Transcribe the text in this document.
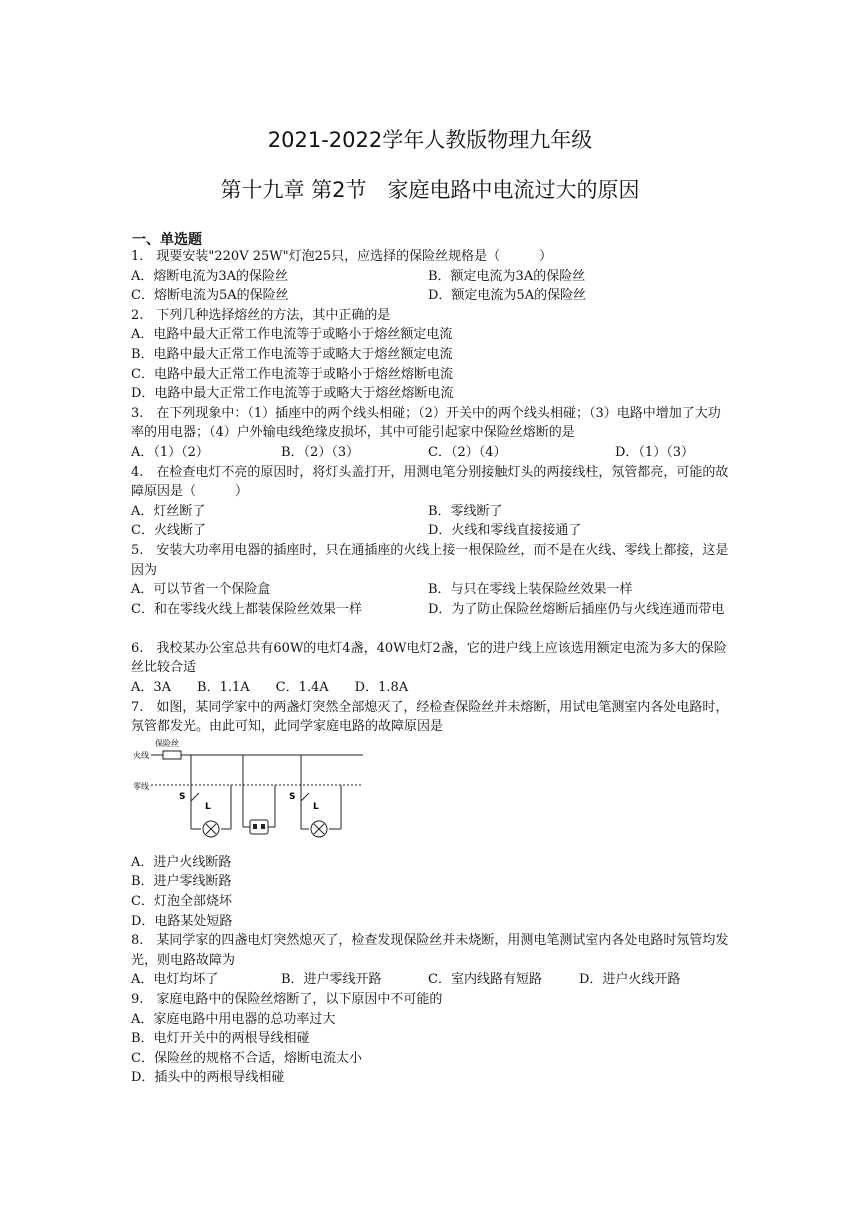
2021-2022学年人教版物理九年级
第十九章 第2节　家庭电路中电流过大的原因
一、单选题
1.　现要安装"220V 25W"灯泡25只，应选择的保险丝规格是（　　　）
A．熔断电流为3A的保险丝	B．额定电流为3A的保险丝
C．熔断电流为5A的保险丝	D．额定电流为5A的保险丝
2.　下列几种选择熔丝的方法，其中正确的是
A．电路中最大正常工作电流等于或略小于熔丝额定电流
B．电路中最大正常工作电流等于或略大于熔丝额定电流
C．电路中最大正常工作电流等于或略小于熔丝熔断电流
D．电路中最大正常工作电流等于或略大于熔丝熔断电流
3.　在下列现象中：（1）插座中的两个线头相碰；（2）开关中的两个线头相碰；（3）电路中增加了大功率的用电器；（4）户外输电线绝缘皮损坏，其中可能引起家中保险丝熔断的是
A．（1）（2）	B．（2）（3）	C．（2）（4）	D．（1）（3）
4.　在检查电灯不亮的原因时，将灯头盖打开，用测电笔分别接触灯头的两接线柱，氖管都亮，可能的故障原因是（　　　）
A．灯丝断了	B．零线断了
C．火线断了	D．火线和零线直接接通了
5.　安装大功率用电器的插座时，只在通插座的火线上接一根保险丝，而不是在火线、零线上都接，这是因为
A．可以节省一个保险盒	B．与只在零线上装保险丝效果一样
C．和在零线火线上都装保险丝效果一样	D．为了防止保险丝熔断后插座仍与火线连通而带电
6.　我校某办公室总共有60W的电灯4盏，40W电灯2盏，它的进户线上应该选用额定电流为多大的保险丝比较合适
A．3A　　B．1.1A　　C．1.4A　　D．1.8A
7.　如图，某同学家中的两盏灯突然全部熄灭了，经检查保险丝并未熔断，用试电笔测室内各处电路时，氖管都发光。由此可知，此同学家庭电路的故障原因是
保险丝
火线
零线
S
L
S
L
A．进户火线断路
B．进户零线断路
C．灯泡全部烧坏
D．电路某处短路
8.　某同学家的四盏电灯突然熄灭了，检查发现保险丝并未烧断，用测电笔测试室内各处电路时氖管均发光，则电路故障为
A．电灯均坏了	B．进户零线开路	C．室内线路有短路	D．进户火线开路
9.　家庭电路中的保险丝熔断了，以下原因中不可能的
A．家庭电路中用电器的总功率过大
B．电灯开关中的两根导线相碰
C．保险丝的规格不合适，熔断电流太小
D．插头中的两根导线相碰
